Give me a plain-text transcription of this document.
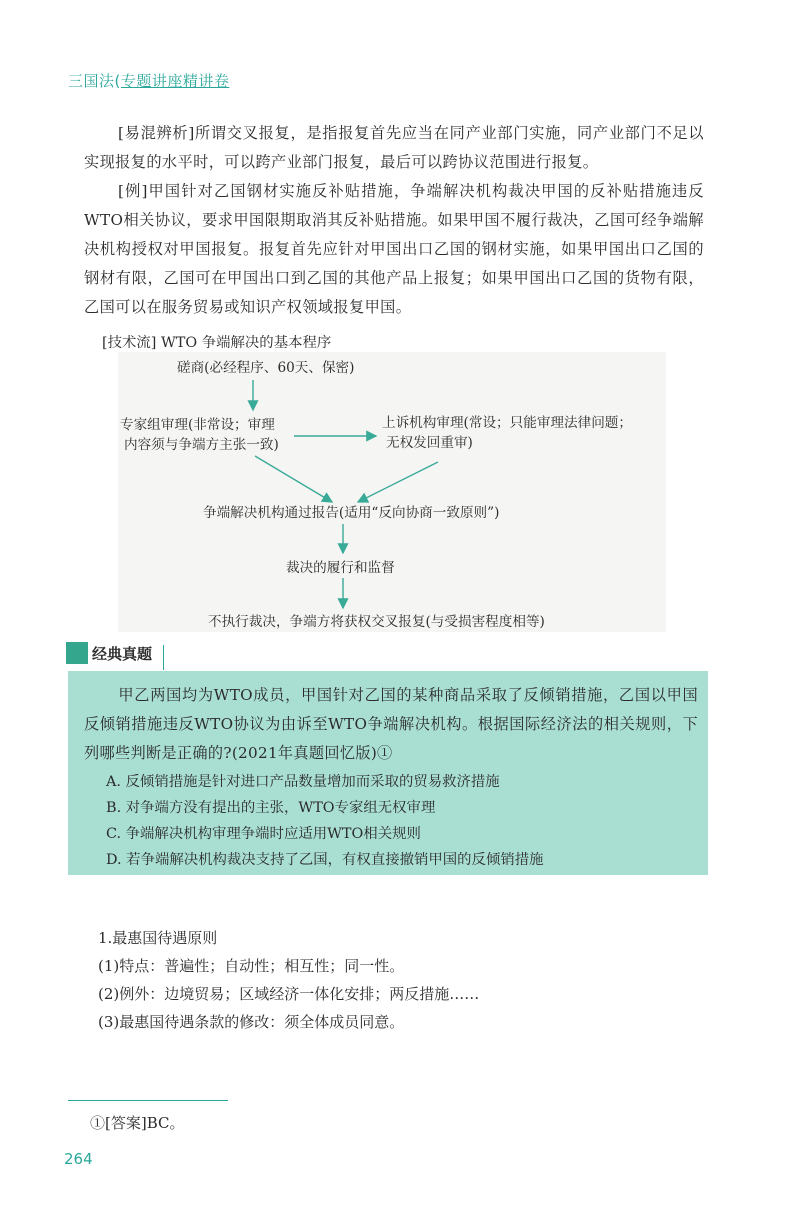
三国法(专题讲座精讲卷
[易混辨析]所谓交叉报复，是指报复首先应当在同产业部门实施，同产业部门不足以实现报复的水平时，可以跨产业部门报复，最后可以跨协议范围进行报复。
[例]甲国针对乙国钢材实施反补贴措施，争端解决机构裁决甲国的反补贴措施违反WTO相关协议，要求甲国限期取消其反补贴措施。如果甲国不履行裁决，乙国可经争端解决机构授权对甲国报复。报复首先应针对甲国出口乙国的钢材实施，如果甲国出口乙国的钢材有限，乙国可在甲国出口到乙国的其他产品上报复；如果甲国出口乙国的货物有限，乙国可以在服务贸易或知识产权领域报复甲国。
[技术流] WTO 争端解决的基本程序
磋商(必经程序、60天、保密)
专家组审理(非常设；审理
内容须与争端方主张一致)
上诉机构审理(常设；只能审理法律问题；
无权发回重审)
争端解决机构通过报告(适用“反向协商一致原则”)
裁决的履行和监督
不执行裁决，争端方将获权交叉报复(与受损害程度相等)
经典真题
甲乙两国均为WTO成员，甲国针对乙国的某种商品采取了反倾销措施，乙国以甲国反倾销措施违反WTO协议为由诉至WTO争端解决机构。根据国际经济法的相关规则，下列哪些判断是正确的?(2021年真题回忆版)①
A. 反倾销措施是针对进口产品数量增加而采取的贸易救济措施
B. 对争端方没有提出的主张，WTO专家组无权审理
C. 争端解决机构审理争端时应适用WTO相关规则
D. 若争端解决机构裁决支持了乙国，有权直接撤销甲国的反倾销措施
1.最惠国待遇原则
(1)特点：普遍性；自动性；相互性；同一性。
(2)例外：边境贸易；区域经济一体化安排；两反措施……
(3)最惠国待遇条款的修改：须全体成员同意。
①[答案]BC。
264
